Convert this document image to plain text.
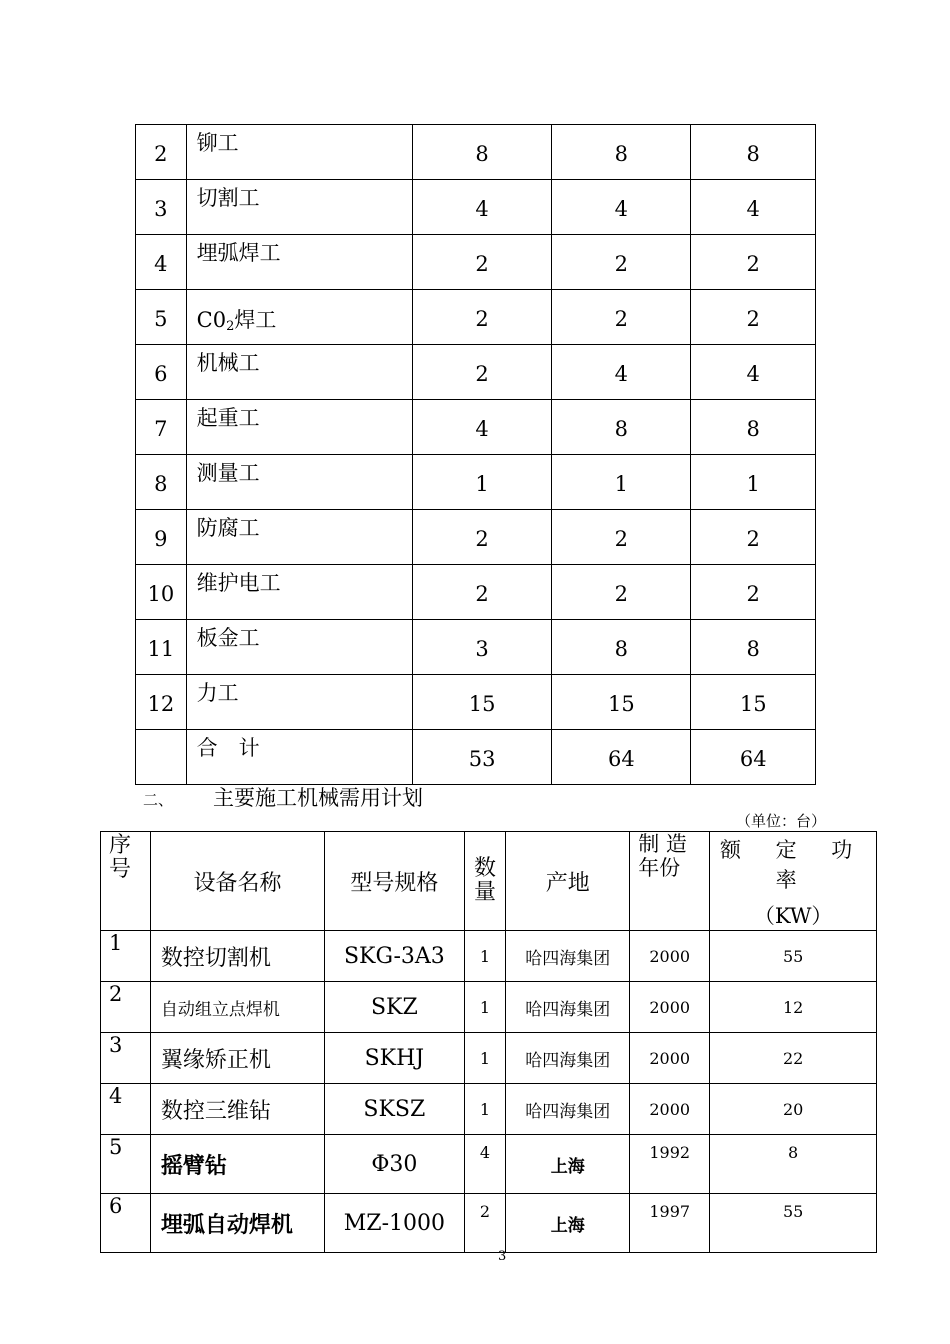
2	铆工	8	8	8
3	切割工	4	4	4
4	埋弧焊工	2	2	2
5	$C0_2$焊工	2	2	2
6	机械工	2	4	4
7	起重工	4	8	8
8	测量工	1	1	1
9	防腐工	2	2	2
10	维护电工	2	2	2
11	板金工	3	8	8
12	力工	15	15	15
	合　计	53	64	64
二、 主要施工机械需用计划
（单位：台）
序号	设备名称	型号规格	数量	产地	制 造 年份	额 定 功 率
（KW）

1	数控切割机	SKG-3A3	1	哈四海集团	2000	55
2	自动组立点焊机	SKZ	1	哈四海集团	2000	12
3	翼缘矫正机	SKHJ	1	哈四海集团	2000	22
4	数控三维钻	SKSZ	1	哈四海集团	2000	20
5	摇臂钻	Φ30	4	上海	1992	8
6	埋弧自动焊机	MZ-1000	2	上海	1997	55
3
